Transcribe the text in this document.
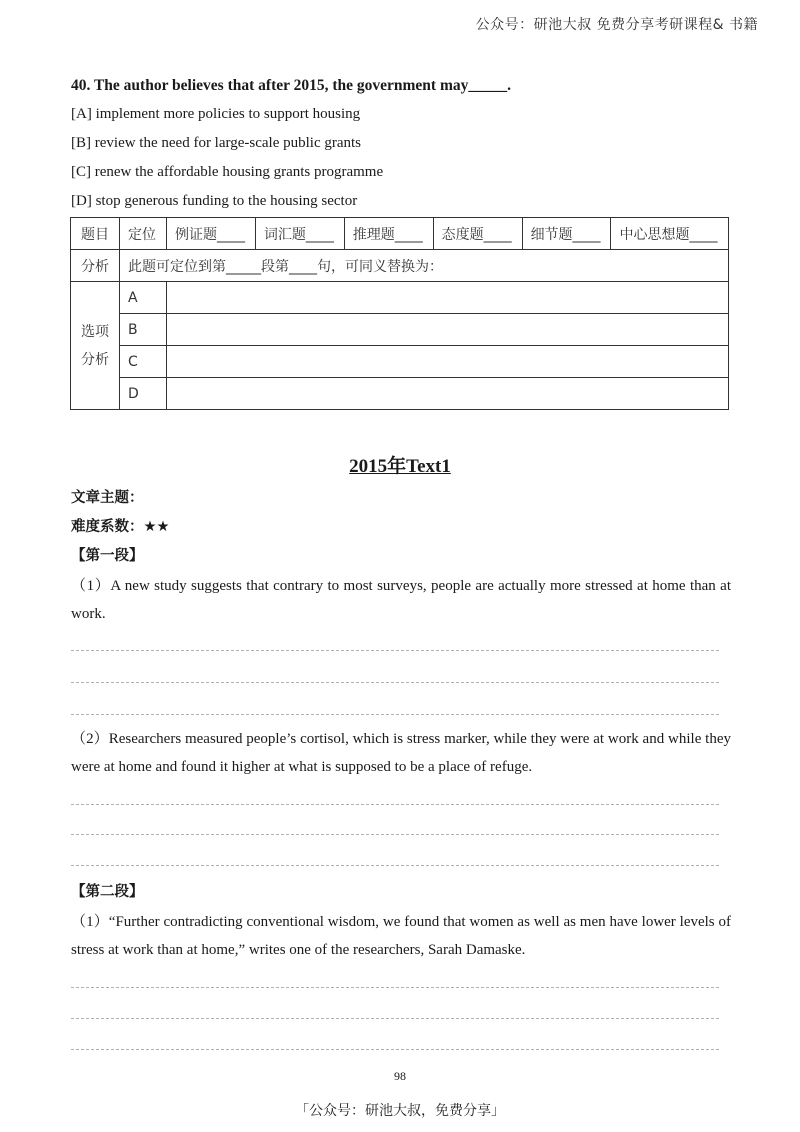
公众号：研池大叔 免费分享考研课程& 书籍
40. The author believes that after 2015, the government may_____.
[A] implement more policies to support housing
[B] review the need for large-scale public grants
[C] renew the affordable housing grants programme
[D] stop generous funding to the housing sector
题目	定位	例证题____	词汇题____	推理题____	态度题____	细节题____	中心思想题____
分析	此题可定位到第_____段第____句，可同义替换为：						
选项
分析	A						
	B						
	C						
	D						
2015年Text1
文章主题：
难度系数：★★
【第一段】
（1）A new study suggests that contrary to most surveys, people are actually more stressed at home than at work.
（2）Researchers measured people’s cortisol, which is stress marker, while they were at work and while they were at home and found it higher at what is supposed to be a place of refuge.
【第二段】
（1）“Further contradicting conventional wisdom, we found that women as well as men have lower levels of stress at work than at home,” writes one of the researchers, Sarah Damaske.
98
「公众号：研池大叔，免费分享」
